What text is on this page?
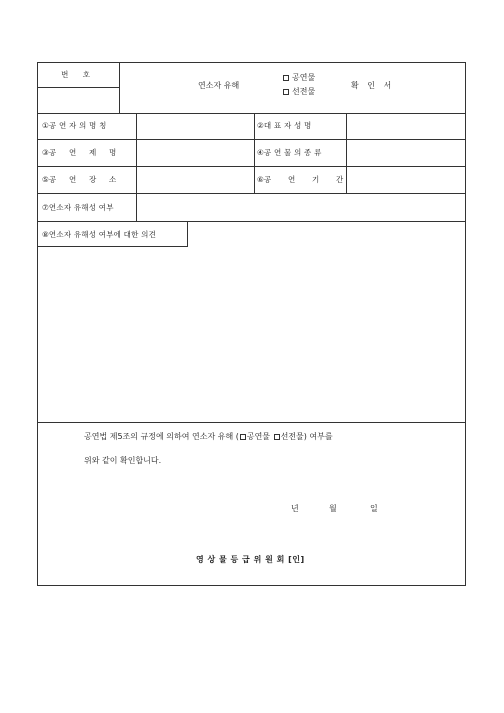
번 호
연소자 유해
공연물
선전물
확 인 서
①공 연 자 의 명 칭	②대 표 자 성 명
③공 연 제 명	④공 연 물 의 종 류
⑤공 연 장 소	⑥공 연 기 간
⑦연소자 유해성 여부
⑧연소자 유해성 여부에 대한 의견
공연법 제5조의 규정에 의하여 연소자 유해 ( 공연물 선전물) 여부를
위와 같이 확인합니다.
년	월	일
영 상 물 등 급 위 원 회 [인]
